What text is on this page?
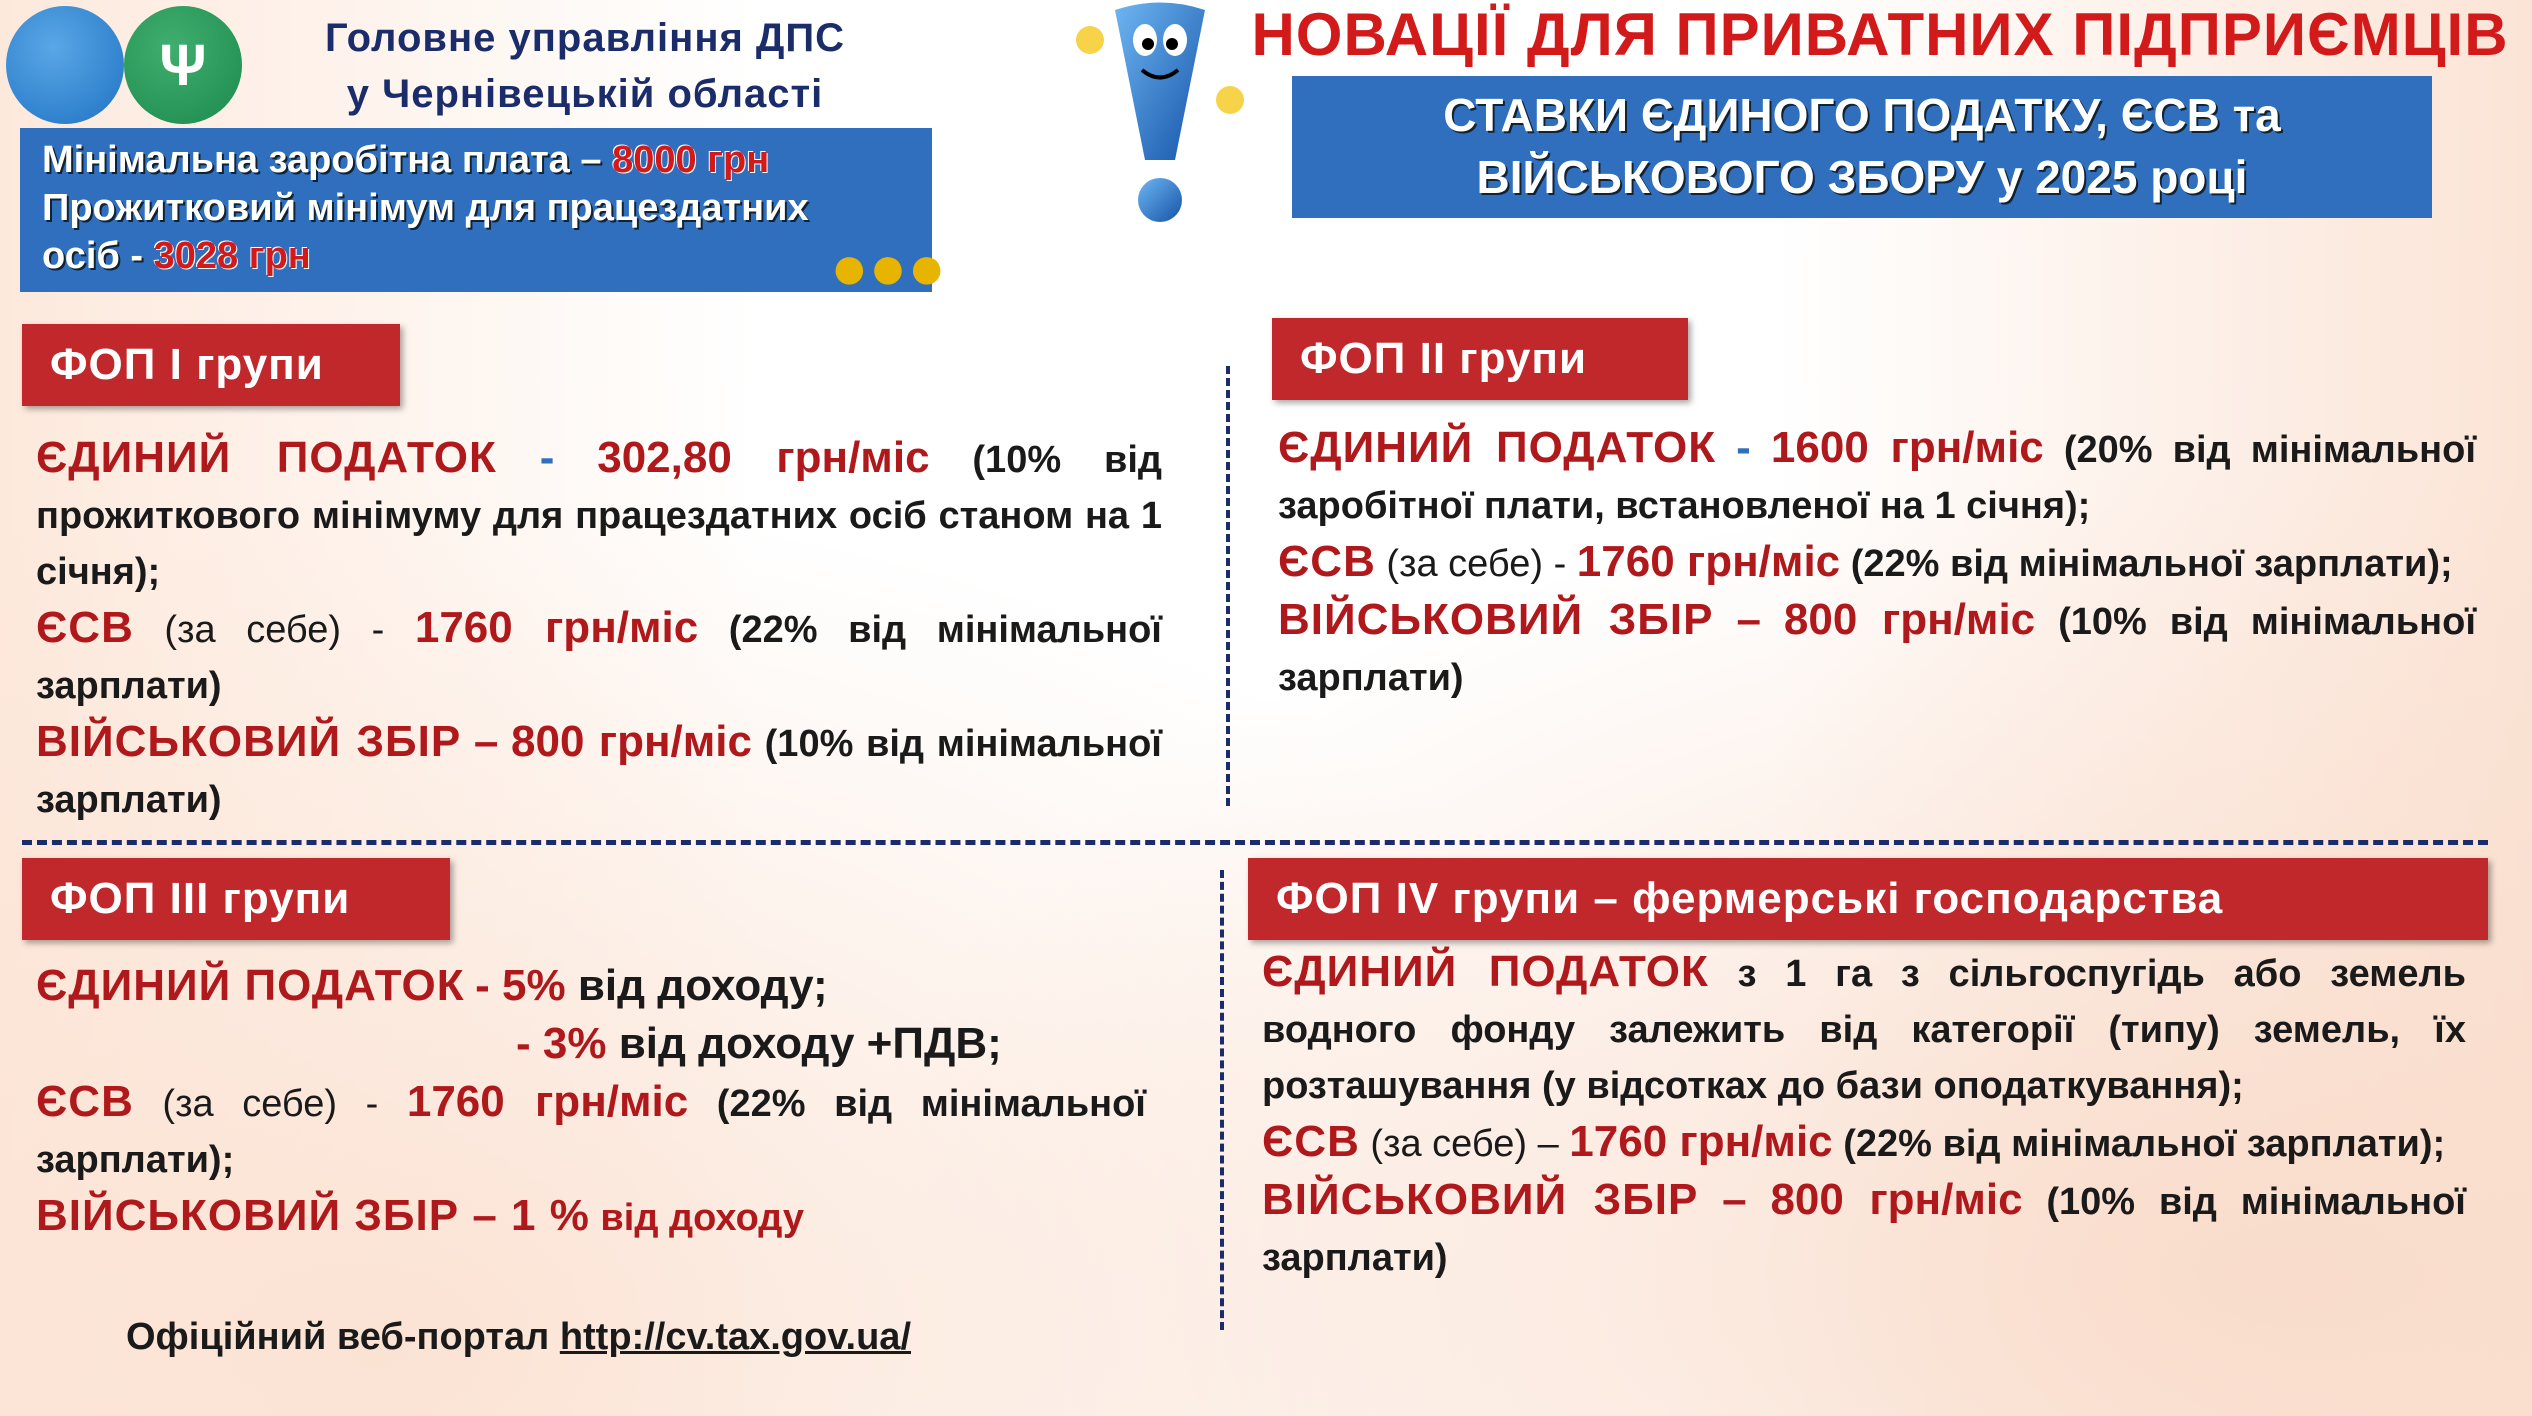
Ψ	Головне управління ДПС
у Чернівецькій області
Мінімальна заробітна плата – 8000 грн
Прожитковий мінімум для працездатних
осіб - 3028 грн	●●●
НОВАЦІЇ ДЛЯ ПРИВАТНИХ ПІДПРИЄМЦІВ
СТАВКИ ЄДИНОГО ПОДАТКУ, ЄСВ та
ВІЙСЬКОВОГО ЗБОРУ у 2025 році
ФОП І групи
ЄДИНИЙ ПОДАТОК - 302,80 грн/міс (10% від прожиткового мінімуму для працездатних осіб станом на 1 січня);
ЄСВ (за себе) - 1760 грн/міс (22% від мінімальної зарплати)
ВІЙСЬКОВИЙ ЗБІР – 800 грн/міс (10% від мінімальної зарплати)
ФОП ІІ групи
ЄДИНИЙ ПОДАТОК - 1600 грн/міс (20% від мінімальної заробітної плати, встановленої на 1 січня);
ЄСВ (за себе) - 1760 грн/міс (22% від мінімальної зарплати);
ВІЙСЬКОВИЙ ЗБІР – 800 грн/міс (10% від мінімальної зарплати)
ФОП ІІІ групи
ЄДИНИЙ ПОДАТОК - 5% від доходу;
- 3% від доходу +ПДВ;
ЄСВ (за себе) - 1760 грн/міс (22% від мінімальної зарплати);
ВІЙСЬКОВИЙ ЗБІР – 1 % від доходу
ФОП IV групи – фермерські господарства
ЄДИНИЙ ПОДАТОК з 1 га з сільгоспугідь або земель водного фонду залежить від категорії (типу) земель, їх розташування (у відсотках до бази оподаткування);
ЄСВ (за себе) – 1760 грн/міс (22% від мінімальної зарплати);
ВІЙСЬКОВИЙ ЗБІР – 800 грн/міс (10% від мінімальної зарплати)
Офіційний веб-портал http://cv.tax.gov.ua/
